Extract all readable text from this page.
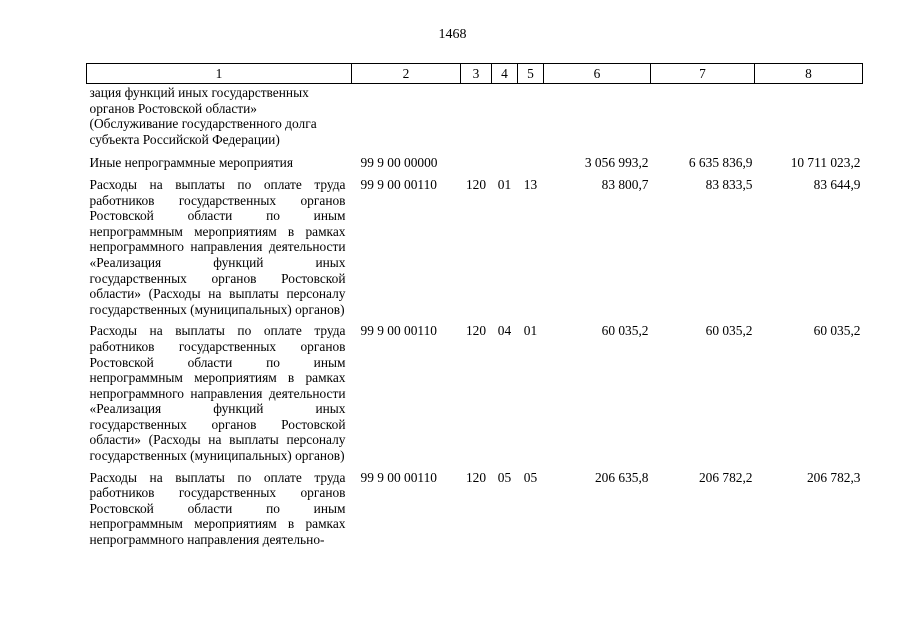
1468
1	2	3	4	5	6	7	8
зация функций иных государственных органов Ростовской области» (Обслуживание государственного долга субъекта Российской Федерации)							
Иные непрограммные мероприятия	99 9 00 00000				3 056 993,2	6 635 836,9	10 711 023,2
Расходы на выплаты по оплате труда работников государственных органов Ростовской области по иным непрограммным мероприятиям в рамках непрограммного направления деятельности «Реализация функций иных государственных органов Ростовской области» (Расходы на выплаты персоналу государственных (муниципальных) органов)	99 9 00 00110	120	01	13	83 800,7	83 833,5	83 644,9
Расходы на выплаты по оплате труда работников государственных органов Ростовской области по иным непрограммным мероприятиям в рамках непрограммного направления деятельности «Реализация функций иных государственных органов Ростовской области» (Расходы на выплаты персоналу государственных (муниципальных) органов)	99 9 00 00110	120	04	01	60 035,2	60 035,2	60 035,2
Расходы на выплаты по оплате труда работников государственных органов Ростовской области по иным непрограммным мероприятиям в рамках непрограммного направления деятельно-	99 9 00 00110	120	05	05	206 635,8	206 782,2	206 782,3
